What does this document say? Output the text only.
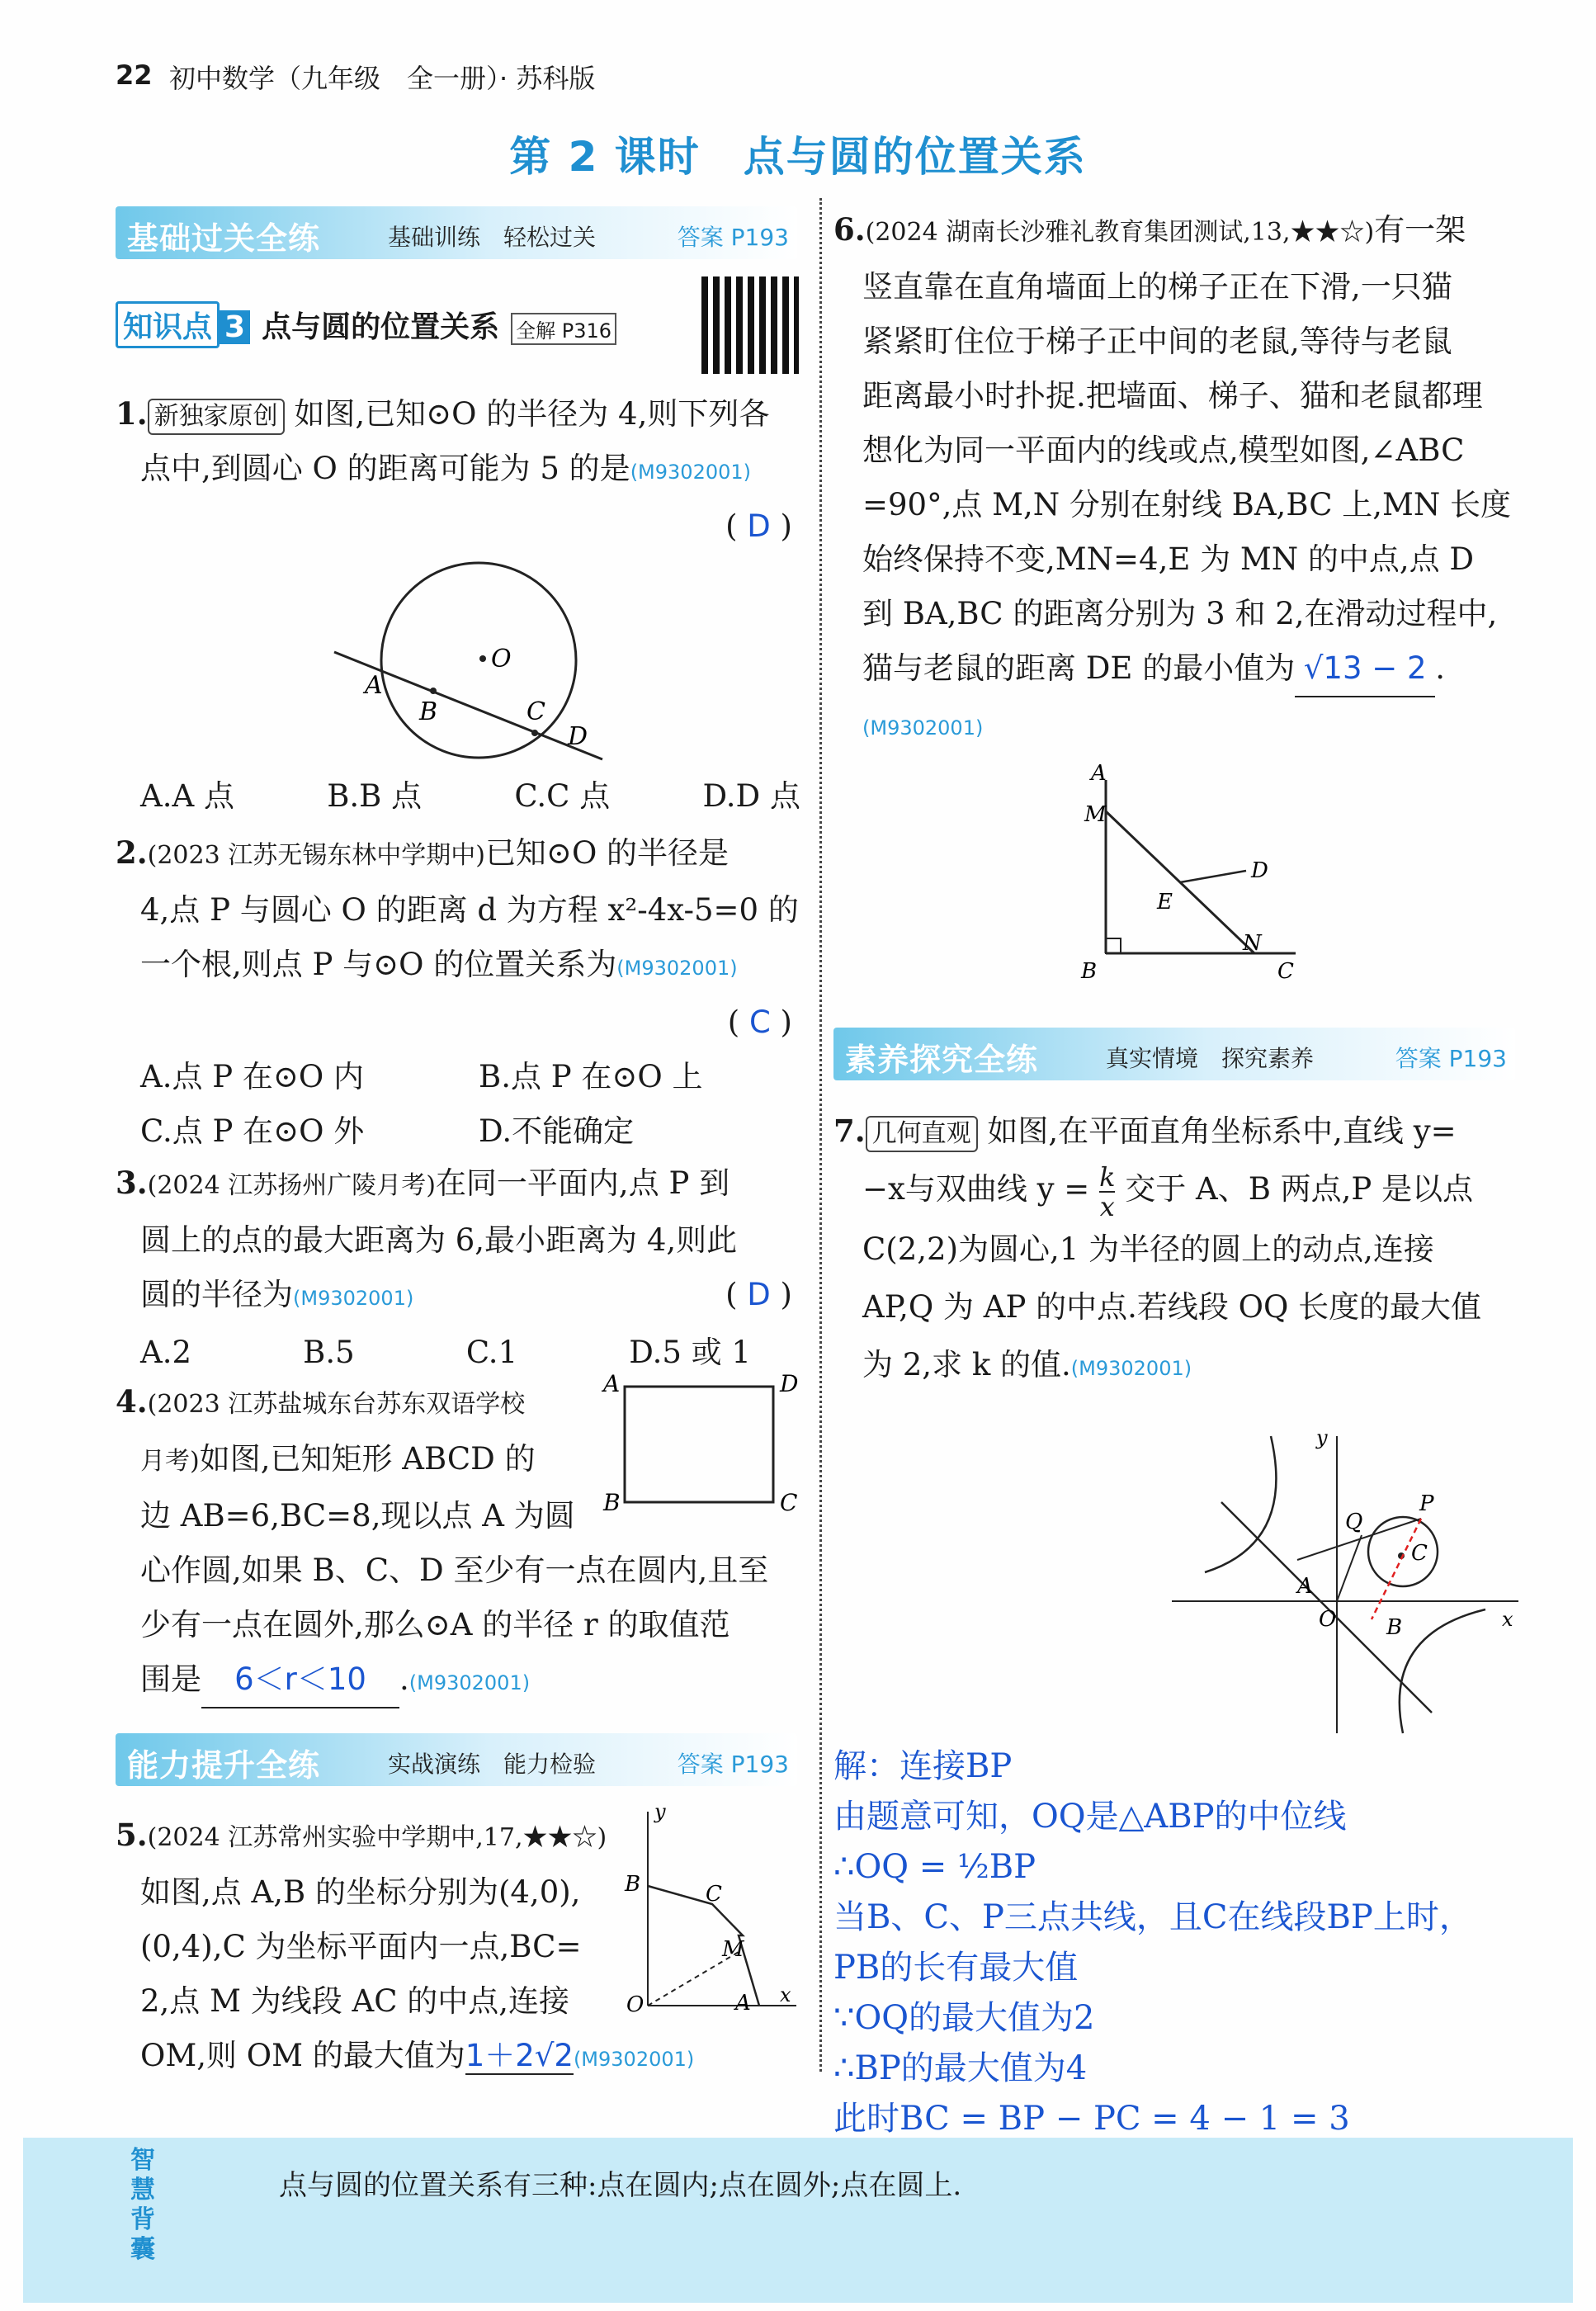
22 初中数学（九年级　全一册）· 苏科版
第 2 课时　点与圆的位置关系
基础过关全练	基础训练　轻松过关	答案 P193
知识点 3 点与圆的位置关系 全解 P316
1. 新独家原创 如图,已知⊙O 的半径为 4,则下列各
点中,到圆心 O 的距离可能为 5 的是(M9302001)
( D )
O
A
B	C
D
A.A 点	B.B 点	C.C 点	D.D 点
2.(2023 江苏无锡东林中学期中)已知⊙O 的半径是
4,点 P 与圆心 O 的距离 d 为方程 x²-4x-5=0 的
一个根,则点 P 与⊙O 的位置关系为(M9302001)
( C )
A.点 P 在⊙O 内	B.点 P 在⊙O 上
C.点 P 在⊙O 外	D.不能确定
3.(2024 江苏扬州广陵月考)在同一平面内,点 P 到
圆上的点的最大距离为 6,最小距离为 4,则此
圆的半径为(M9302001)	( D )
A.2	B.5	C.1	D.5 或 1
4.(2023 江苏盐城东台苏东双语学校
月考)如图,已知矩形 ABCD 的
边 AB=6,BC=8,现以点 A 为圆
心作圆,如果 B、C、D 至少有一点在圆内,且至
少有一点在圆外,那么⊙A 的半径 r 的取值范
围是 6＜r＜10 .(M9302001)
A	D
B	C
能力提升全练	实战演练　能力检验	答案 P193
5.(2024 江苏常州实验中学期中,17,★★☆)
如图,点 A,B 的坐标分别为(4,0),
(0,4),C 为坐标平面内一点,BC=
2,点 M 为线段 AC 的中点,连接
OM,则 OM 的最大值为1＋2√2(M9302001)
y
B	C
M
O	A x
6.(2024 湖南长沙雅礼教育集团测试,13,★★☆)有一架
竖直靠在直角墙面上的梯子正在下滑,一只猫
紧紧盯住位于梯子正中间的老鼠,等待与老鼠
距离最小时扑捉.把墙面、梯子、猫和老鼠都理
想化为同一平面内的线或点,模型如图,∠ABC
=90°,点 M,N 分别在射线 BA,BC 上,MN 长度
始终保持不变,MN=4,E 为 MN 的中点,点 D
到 BA,BC 的距离分别为 3 和 2,在滑动过程中,
猫与老鼠的距离 DE 的最小值为 √13 − 2 .
(M9302001)
A
M
D
E
N
B	C
素养探究全练	真实情境　探究素养	答案 P193
7. 几何直观 如图,在平面直角坐标系中,直线 y=
−x与双曲线 $y = \frac{k}{x}$ 交于 A、B 两点,P 是以点
C(2,2)为圆心,1 为半径的圆上的动点,连接
AP,Q 为 AP 的中点.若线段 OQ 长度的最大值
为 2,求 k 的值.(M9302001)
y
P
Q
C
A
O B	x
解：连接BP
由题意可知，OQ是△ABP的中位线
∴OQ = ½BP
当B、C、P三点共线，且C在线段BP上时，
PB的长有最大值
∵OQ的最大值为2
∴BP的最大值为4
此时BC = BP − PC = 4 − 1 = 3
智慧背囊
点与圆的位置关系有三种:点在圆内;点在圆外;点在圆上.
